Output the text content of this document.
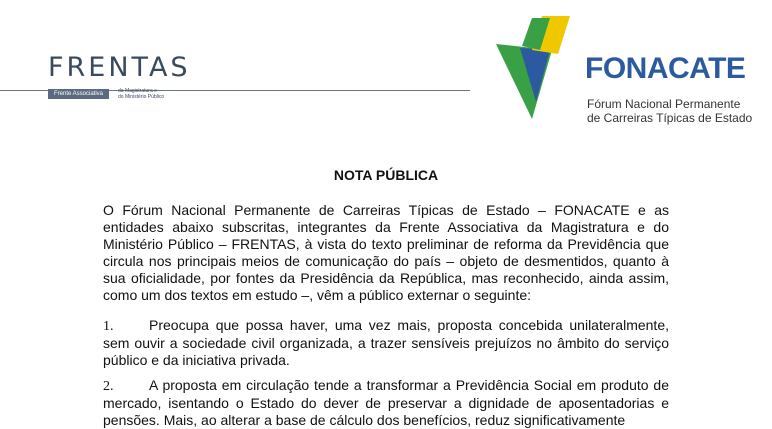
FRENTAS
Frente Associativa	da Magistratura e
do Ministério Público
FONACATE
Fórum Nacional Permanente
de Carreiras Típicas de Estado
NOTA PÚBLICA
O Fórum Nacional Permanente de Carreiras Típicas de Estado – FONACATE e as entidades abaixo subscritas, integrantes da Frente Associativa da Magistratura e do Ministério Público – FRENTAS, à vista do texto preliminar de reforma da Previdência que circula nos principais meios de comunicação do país – objeto de desmentidos, quanto à sua oficialidade, por fontes da Presidência da República, mas reconhecido, ainda assim, como um dos textos em estudo –, vêm a público externar o seguinte:
1.	Preocupa que possa haver, uma vez mais, proposta concebida unilateralmente, sem ouvir a sociedade civil organizada, a trazer sensíveis prejuízos no âmbito do serviço público e da iniciativa privada.
2.	A proposta em circulação tende a transformar a Previdência Social em produto de mercado, isentando o Estado do dever de preservar a dignidade de aposentadorias e pensões. Mais, ao alterar a base de cálculo dos benefícios, reduz significativamente
